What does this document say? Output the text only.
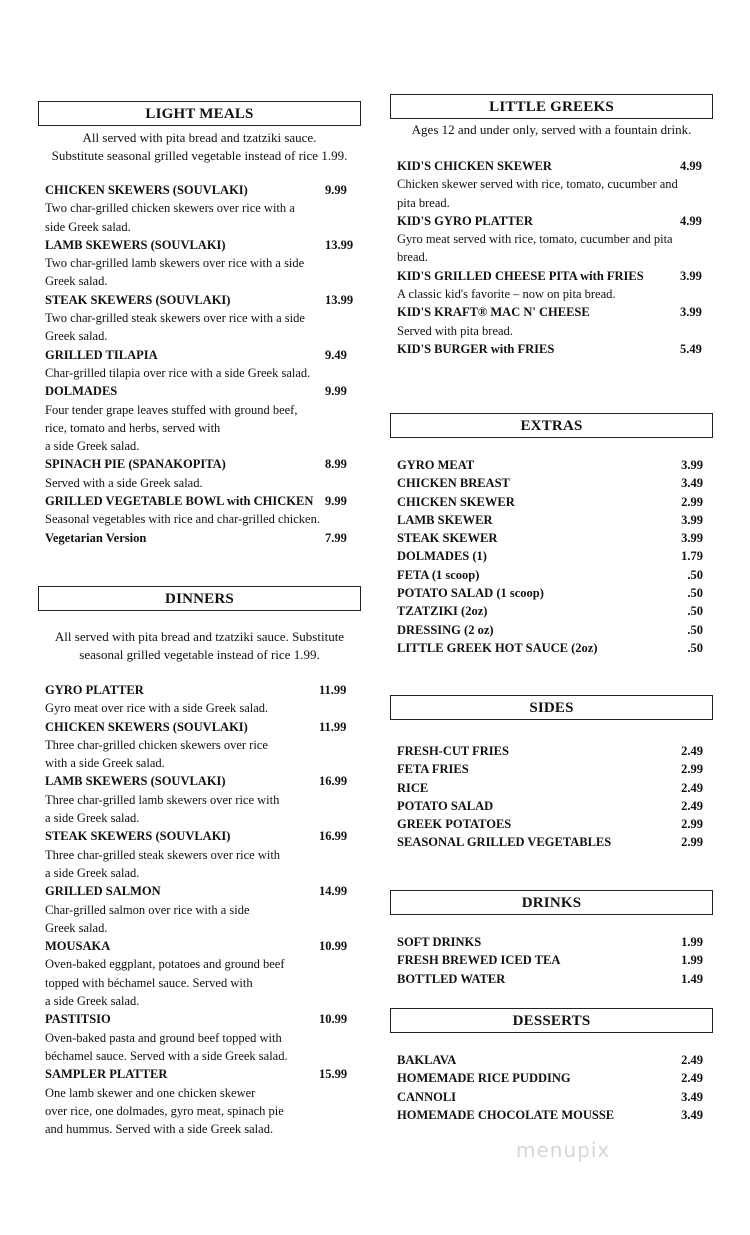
LIGHT MEALS
All served with pita bread and tzatziki sauce.
Substitute seasonal grilled vegetable instead of rice 1.99.
CHICKEN SKEWERS (SOUVLAKI)	9.99
Two char-grilled chicken skewers over rice with a
side Greek salad.
LAMB SKEWERS (SOUVLAKI)	13.99
Two char-grilled lamb skewers over rice with a side
Greek salad.
STEAK SKEWERS (SOUVLAKI)	13.99
Two char-grilled steak skewers over rice with a side
Greek salad.
GRILLED TILAPIA	9.49
Char-grilled tilapia over rice with a side Greek salad.
DOLMADES	9.99
Four tender grape leaves stuffed with ground beef,
rice, tomato and herbs, served with
a side Greek salad.
SPINACH PIE (SPANAKOPITA)	8.99
Served with a side Greek salad.
GRILLED VEGETABLE BOWL with CHICKEN 9.99
Seasonal vegetables with rice and char-grilled chicken.
Vegetarian Version	7.99
DINNERS
All served with pita bread and tzatziki sauce. Substitute
seasonal grilled vegetable instead of rice 1.99.
GYRO PLATTER	11.99
Gyro meat over rice with a side Greek salad.
CHICKEN SKEWERS (SOUVLAKI)	11.99
Three char-grilled chicken skewers over rice
with a side Greek salad.
LAMB SKEWERS (SOUVLAKI)	16.99
Three char-grilled lamb skewers over rice with
a side Greek salad.
STEAK SKEWERS (SOUVLAKI)	16.99
Three char-grilled steak skewers over rice with
a side Greek salad.
GRILLED SALMON	14.99
Char-grilled salmon over rice with a side
Greek salad.
MOUSAKA	10.99
Oven-baked eggplant, potatoes and ground beef
topped with béchamel sauce. Served with
a side Greek salad.
PASTITSIO	10.99
Oven-baked pasta and ground beef topped with
béchamel sauce. Served with a side Greek salad.
SAMPLER PLATTER	15.99
One lamb skewer and one chicken skewer
over rice, one dolmades, gyro meat, spinach pie
and hummus. Served with a side Greek salad.
LITTLE GREEKS
Ages 12 and under only, served with a fountain drink.
KID'S CHICKEN SKEWER	4.99
Chicken skewer served with rice, tomato, cucumber and
pita bread.
KID'S GYRO PLATTER	4.99
Gyro meat served with rice, tomato, cucumber and pita
bread.
KID'S GRILLED CHEESE PITA with FRIES	3.99
A classic kid's favorite – now on pita bread.
KID'S KRAFT® MAC N' CHEESE	3.99
Served with pita bread.
KID'S BURGER with FRIES	5.49
EXTRAS
GYRO MEAT	3.99
CHICKEN BREAST	3.49
CHICKEN SKEWER	2.99
LAMB SKEWER	3.99
STEAK SKEWER	3.99
DOLMADES (1)	1.79
FETA (1 scoop)	.50
POTATO SALAD (1 scoop)	.50
TZATZIKI (2oz)	.50
DRESSING (2 oz)	.50
LITTLE GREEK HOT SAUCE (2oz)	.50
SIDES
FRESH-CUT FRIES	2.49
FETA FRIES	2.99
RICE	2.49
POTATO SALAD	2.49
GREEK POTATOES	2.99
SEASONAL GRILLED VEGETABLES	2.99
DRINKS
SOFT DRINKS	1.99
FRESH BREWED ICED TEA	1.99
BOTTLED WATER	1.49
DESSERTS
BAKLAVA	2.49
HOMEMADE RICE PUDDING	2.49
CANNOLI	3.49
HOMEMADE CHOCOLATE MOUSSE	3.49
menupix
